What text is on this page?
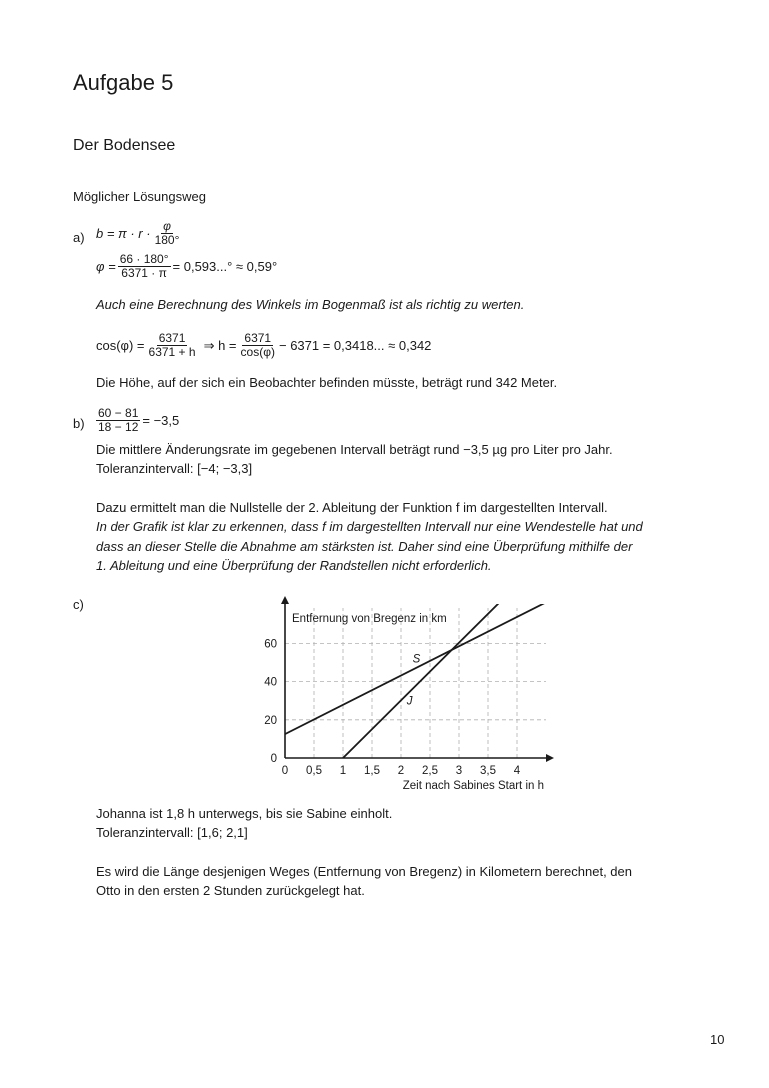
Aufgabe 5
Der Bodensee
Möglicher Lösungsweg
a) $b = \pi \cdot r \cdot \frac{\varphi}{180^\circ}$
$\varphi = \frac{66 \cdot 180^\circ}{6371 \cdot \pi} = 0,593...^\circ \approx 0,59^\circ$
Auch eine Berechnung des Winkels im Bogenmaß ist als richtig zu werten.
$\cos(\varphi) = \frac{6371}{6371 + h}$ ⇒ $h = \frac{6371}{\cos(\varphi)} - 6371 = 0,3418$... ≈ 0,342
Die Höhe, auf der sich ein Beobachter befinden müsste, beträgt rund 342 Meter.
$b) \frac{60 - 81}{18 - 12} = -3,5$
Die mittlere Änderungsrate im gegebenen Intervall beträgt rund −3,5 µg pro Liter pro Jahr.
Toleranzintervall: [−4; −3,3]
Dazu ermittelt man die Nullstelle der 2. Ableitung der Funktion f im dargestellten Intervall.
In der Grafik ist klar zu erkennen, dass f im dargestellten Intervall nur eine Wendestelle hat und
dass an dieser Stelle die Abnahme am stärksten ist. Daher sind eine Überprüfung mithilfe der
1. Ableitung und eine Überprüfung der Randstellen nicht erforderlich.
c)
0 0,5 1 1,5 2 2,5 3 3,5 4
0
20
40
60
Entfernung von Bregenz in km
Zeit nach Sabines Start in h
S
J
Johanna ist 1,8 h unterwegs, bis sie Sabine einholt.
Toleranzintervall: [1,6; 2,1]
Es wird die Länge desjenigen Weges (Entfernung von Bregenz) in Kilometern berechnet, den
Otto in den ersten 2 Stunden zurückgelegt hat.
10
